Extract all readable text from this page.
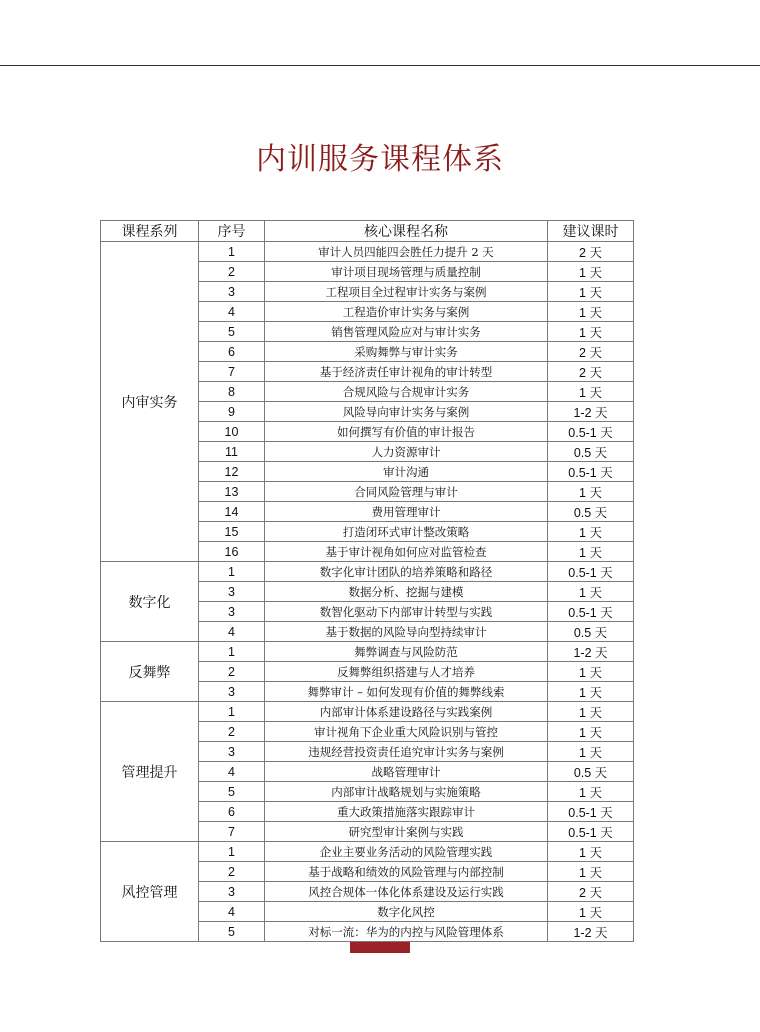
内训服务课程体系
课程系列	序号	核心课程名称	建议课时
内审实务	1	审计人员四能四会胜任力提升 2 天	2 天
	2	审计项目现场管理与质量控制	1 天
	3	工程项目全过程审计实务与案例	1 天
	4	工程造价审计实务与案例	1 天
	5	销售管理风险应对与审计实务	1 天
	6	采购舞弊与审计实务	2 天
	7	基于经济责任审计视角的审计转型	2 天
	8	合规风险与合规审计实务	1 天
	9	风险导向审计实务与案例	1-2 天
	10	如何撰写有价值的审计报告	0.5-1 天
	11	人力资源审计	0.5 天
	12	审计沟通	0.5-1 天
	13	合同风险管理与审计	1 天
	14	费用管理审计	0.5 天
	15	打造闭环式审计整改策略	1 天
	16	基于审计视角如何应对监管检查	1 天
数字化	1	数字化审计团队的培养策略和路径	0.5-1 天
	3	数据分析、挖掘与建模	1 天
	3	数智化驱动下内部审计转型与实践	0.5-1 天
	4	基于数据的风险导向型持续审计	0.5 天
反舞弊	1	舞弊调查与风险防范	1-2 天
	2	反舞弊组织搭建与人才培养	1 天
	3	舞弊审计 – 如何发现有价值的舞弊线索	1 天
管理提升	1	内部审计体系建设路径与实践案例	1 天
	2	审计视角下企业重大风险识别与管控	1 天
	3	违规经营投资责任追究审计实务与案例	1 天
	4	战略管理审计	0.5 天
	5	内部审计战略规划与实施策略	1 天
	6	重大政策措施落实跟踪审计	0.5-1 天
	7	研究型审计案例与实践	0.5-1 天
风控管理	1	企业主要业务活动的风险管理实践	1 天
	2	基于战略和绩效的风险管理与内部控制	1 天
	3	风控合规体一体化体系建设及运行实践	2 天
	4	数字化风控	1 天
	5	对标一流：华为的内控与风险管理体系	1-2 天
